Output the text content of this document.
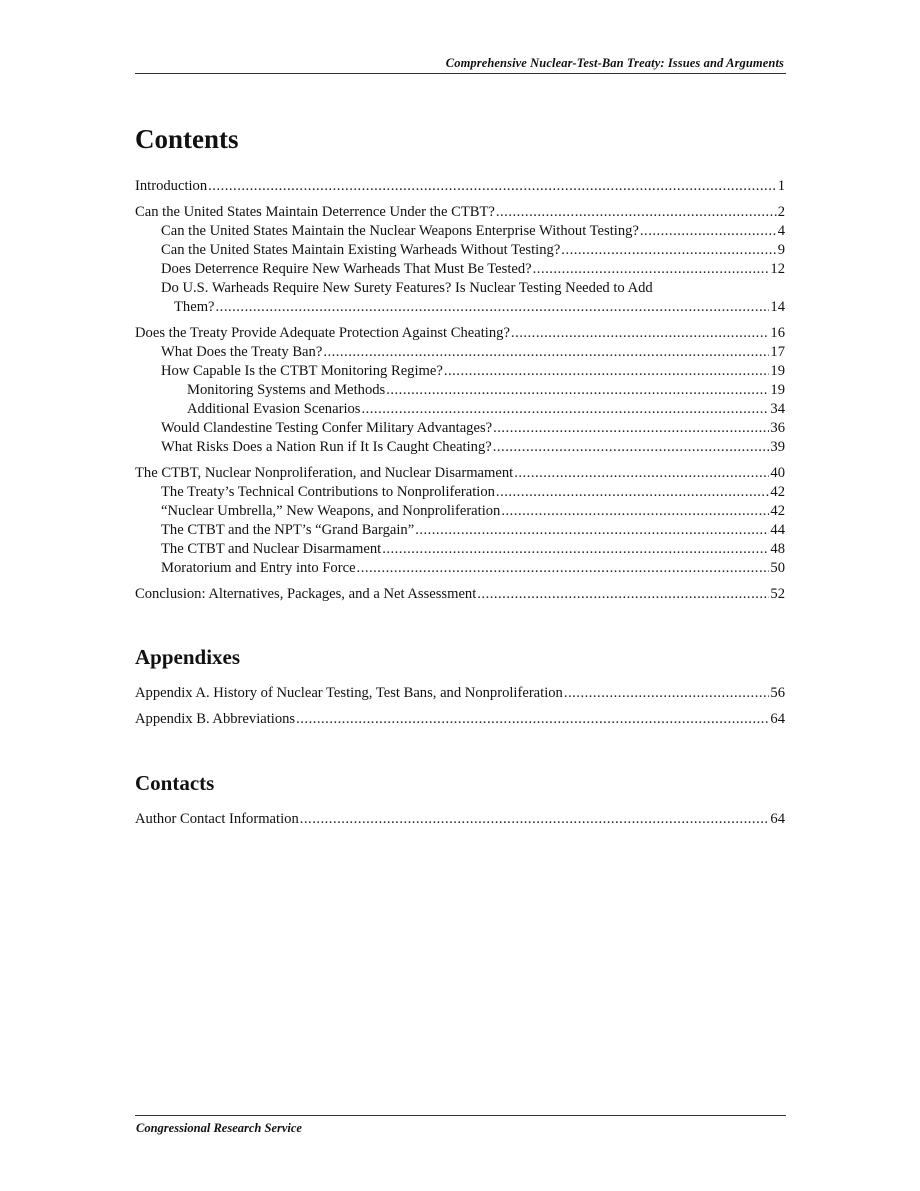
Comprehensive Nuclear-Test-Ban Treaty: Issues and Arguments
Contents
Introduction .....	1
Can the United States Maintain Deterrence Under the CTBT? .....	2
Can the United States Maintain the Nuclear Weapons Enterprise Without Testing? .....	4
Can the United States Maintain Existing Warheads Without Testing? .....	9
Does Deterrence Require New Warheads That Must Be Tested? .....	12
Do U.S. Warheads Require New Surety Features? Is Nuclear Testing Needed to Add
Them? .....	14
Does the Treaty Provide Adequate Protection Against Cheating? .....	16
What Does the Treaty Ban? .....	17
How Capable Is the CTBT Monitoring Regime? .....	19
Monitoring Systems and Methods .....	19
Additional Evasion Scenarios .....	34
Would Clandestine Testing Confer Military Advantages? .....	36
What Risks Does a Nation Run if It Is Caught Cheating? .....	39
The CTBT, Nuclear Nonproliferation, and Nuclear Disarmament .....	40
The Treaty’s Technical Contributions to Nonproliferation .....	42
“Nuclear Umbrella,” New Weapons, and Nonproliferation .....	42
The CTBT and the NPT’s “Grand Bargain” .....	44
The CTBT and Nuclear Disarmament .....	48
Moratorium and Entry into Force .....	50
Conclusion: Alternatives, Packages, and a Net Assessment .....	52
Appendixes
Appendix A. History of Nuclear Testing, Test Bans, and Nonproliferation .....	56
Appendix B. Abbreviations .....	64
Contacts
Author Contact Information .....	64
Congressional Research Service
